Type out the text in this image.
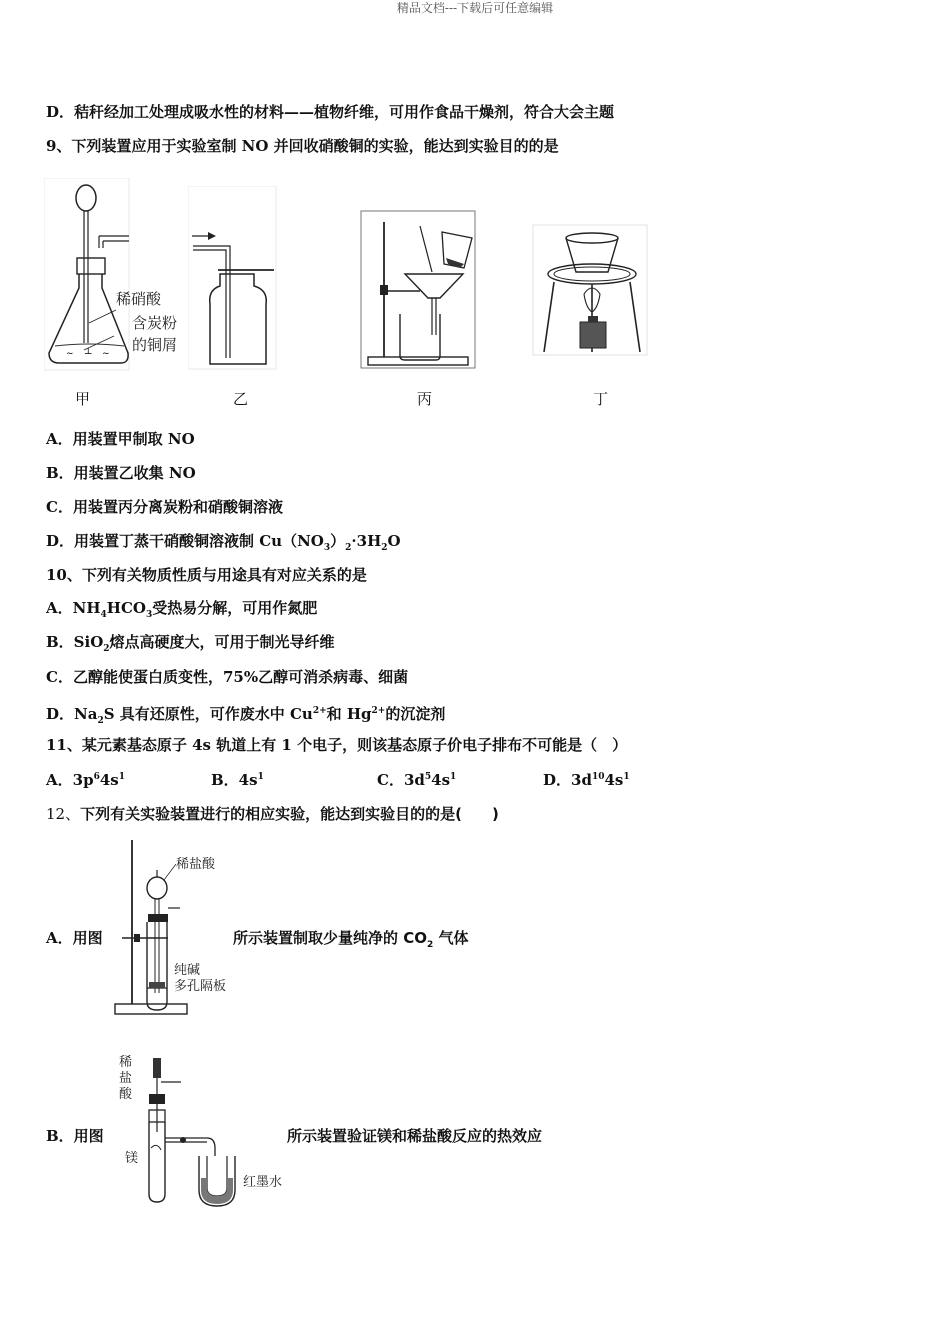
精品文档---下载后可任意编辑
D．秸秆经加工处理成吸水性的材料——植物纤维，可用作食品干燥剂，符合大会主题
9、下列装置应用于实验室制 NO 并回收硝酸铜的实验，能达到实验目的的是
~ ⊥ ~
稀硝酸
含炭粉
的铜屑
甲	乙	丙	丁
A．用装置甲制取 NO
B．用装置乙收集 NO
C．用装置丙分离炭粉和硝酸铜溶液
D．用装置丁蒸干硝酸铜溶液制 $Cu(NO_3)_2\cdot 3H_2O$
10、下列有关物质性质与用途具有对应关系的是
A．$NH_4HCO_3$受热易分解，可用作氮肥
B．SiO$_2$熔点高硬度大，可用于制光导纤维
C．乙醇能使蛋白质变性，75%乙醇可消杀病毒、细菌
D．$Na_2S$ 具有还原性，可作废水中 $Cu^{2+}$和 $Hg^{2+}$的沉淀剂
11、某元素基态原子 4s 轨道上有 1 个电子，则该基态原子价电子排布不可能是（　）
A．$3p^64s^1$	B．$4s^1$	C．$3d^54s^1$	D．$3d^{10}4s^1$
12、下列有关实验装置进行的相应实验，能达到实验目的的是(　　)
稀盐酸
纯碱
多孔隔板
A．用图	所示装置制取少量纯净的 $CO_2$ 气体
稀
盐
酸
镁
红墨水
B．用图	所示装置验证镁和稀盐酸反应的热效应
